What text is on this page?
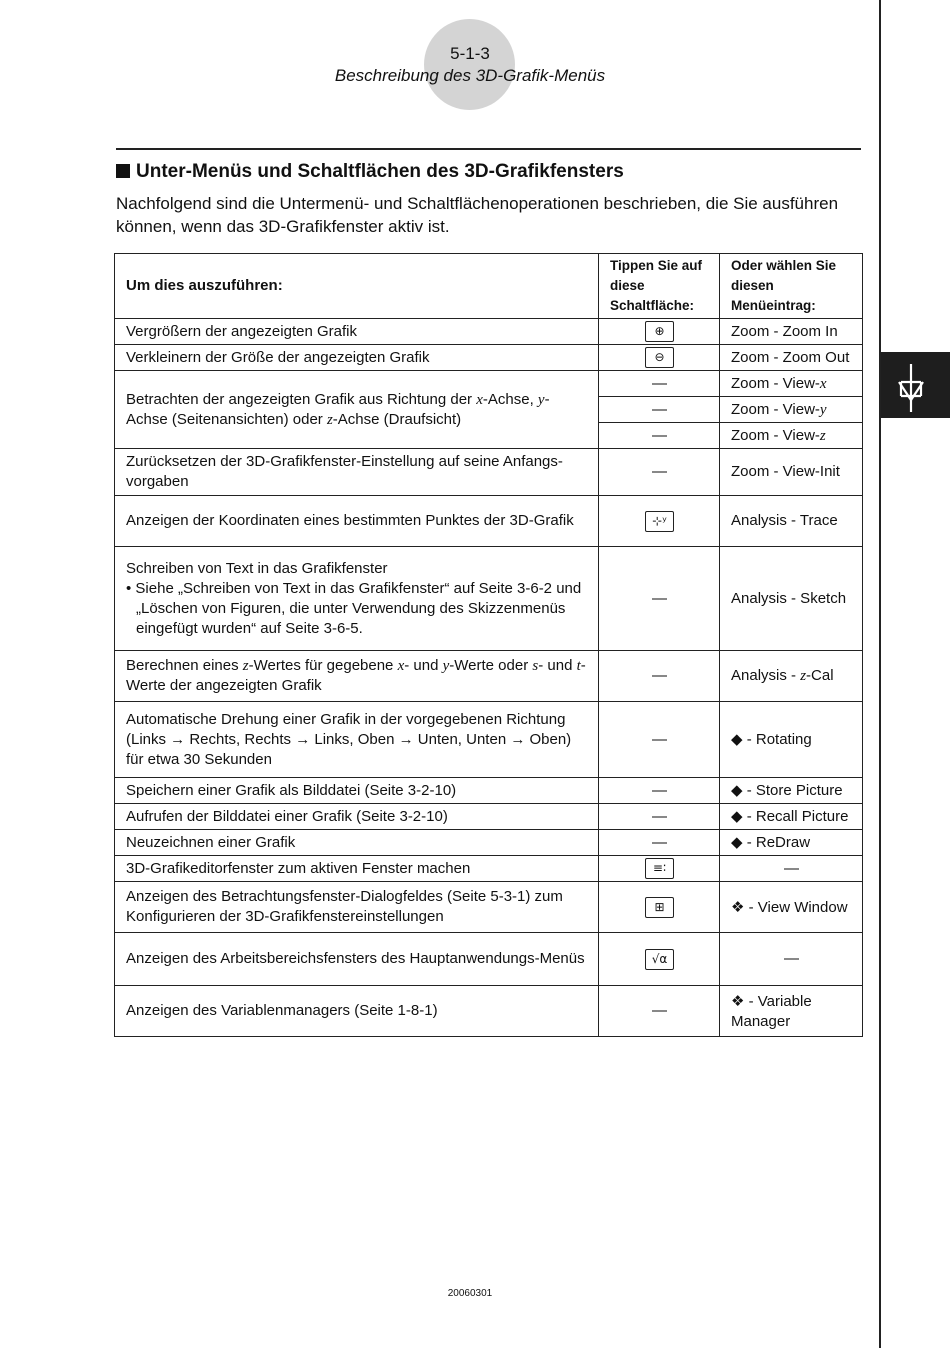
5-1-3
Beschreibung des 3D-Grafik-Menüs
Unter-Menüs und Schaltflächen des 3D-Grafikfensters
Nachfolgend sind die Untermenü- und Schaltflächenoperationen beschrieben, die Sie ausführen können, wenn das 3D-Grafikfenster aktiv ist.
Um dies auszuführen:	Tippen Sie auf diese Schaltfläche:	Oder wählen Sie diesen Menüeintrag:
Vergrößern der angezeigten Grafik	⊕	Zoom - Zoom In
Verkleinern der Größe der angezeigten Grafik	⊖	Zoom - Zoom Out
Betrachten der angezeigten Grafik aus Richtung der x-Achse, y-Achse (Seitenansichten) oder z-Achse (Draufsicht)	—	Zoom - View-x
	—	Zoom - View-y
	—	Zoom - View-z
Zurücksetzen der 3D-Grafikfenster-Einstellung auf seine Anfangs-vorgaben	—	Zoom - View-Init
Anzeigen der Koordinaten eines bestimmten Punktes der 3D-Grafik	⊹ʸ	Analysis - Trace

Schreiben von Text in das Grafikfenster
• Siehe „Schreiben von Text in das Grafikfenster“ auf Seite 3-6-2 und „Löschen von Figuren, die unter Verwendung des Skizzenmenüs eingefügt wurden“ auf Seite 3-6-5.	—	Analysis - Sketch
Berechnen eines z-Wertes für gegebene x- und y-Werte oder s- und t- Werte der angezeigten Grafik	—	Analysis - z-Cal
Automatische Drehung einer Grafik in der vorgegebenen Richtung (Links → Rechts, Rechts → Links, Oben → Unten, Unten → Oben) für etwa 30 Sekunden	—	◆ - Rotating
Speichern einer Grafik als Bilddatei (Seite 3-2-10)	—	◆ - Store Picture
Aufrufen der Bilddatei einer Grafik (Seite 3-2-10)	—	◆ - Recall Picture
Neuzeichnen einer Grafik	—	◆ - ReDraw
3D-Grafikeditorfenster zum aktiven Fenster machen	≡∶	—
Anzeigen des Betrachtungsfenster-Dialogfeldes (Seite 5-3-1) zum Konfigurieren der 3D-Grafikfenstereinstellungen	⊞	❖ - View Window
Anzeigen des Arbeitsbereichsfensters des Hauptanwendungs-Menüs	√α	—
Anzeigen des Variablenmanagers (Seite 1-8-1)	—	❖ - Variable Manager
20060301
